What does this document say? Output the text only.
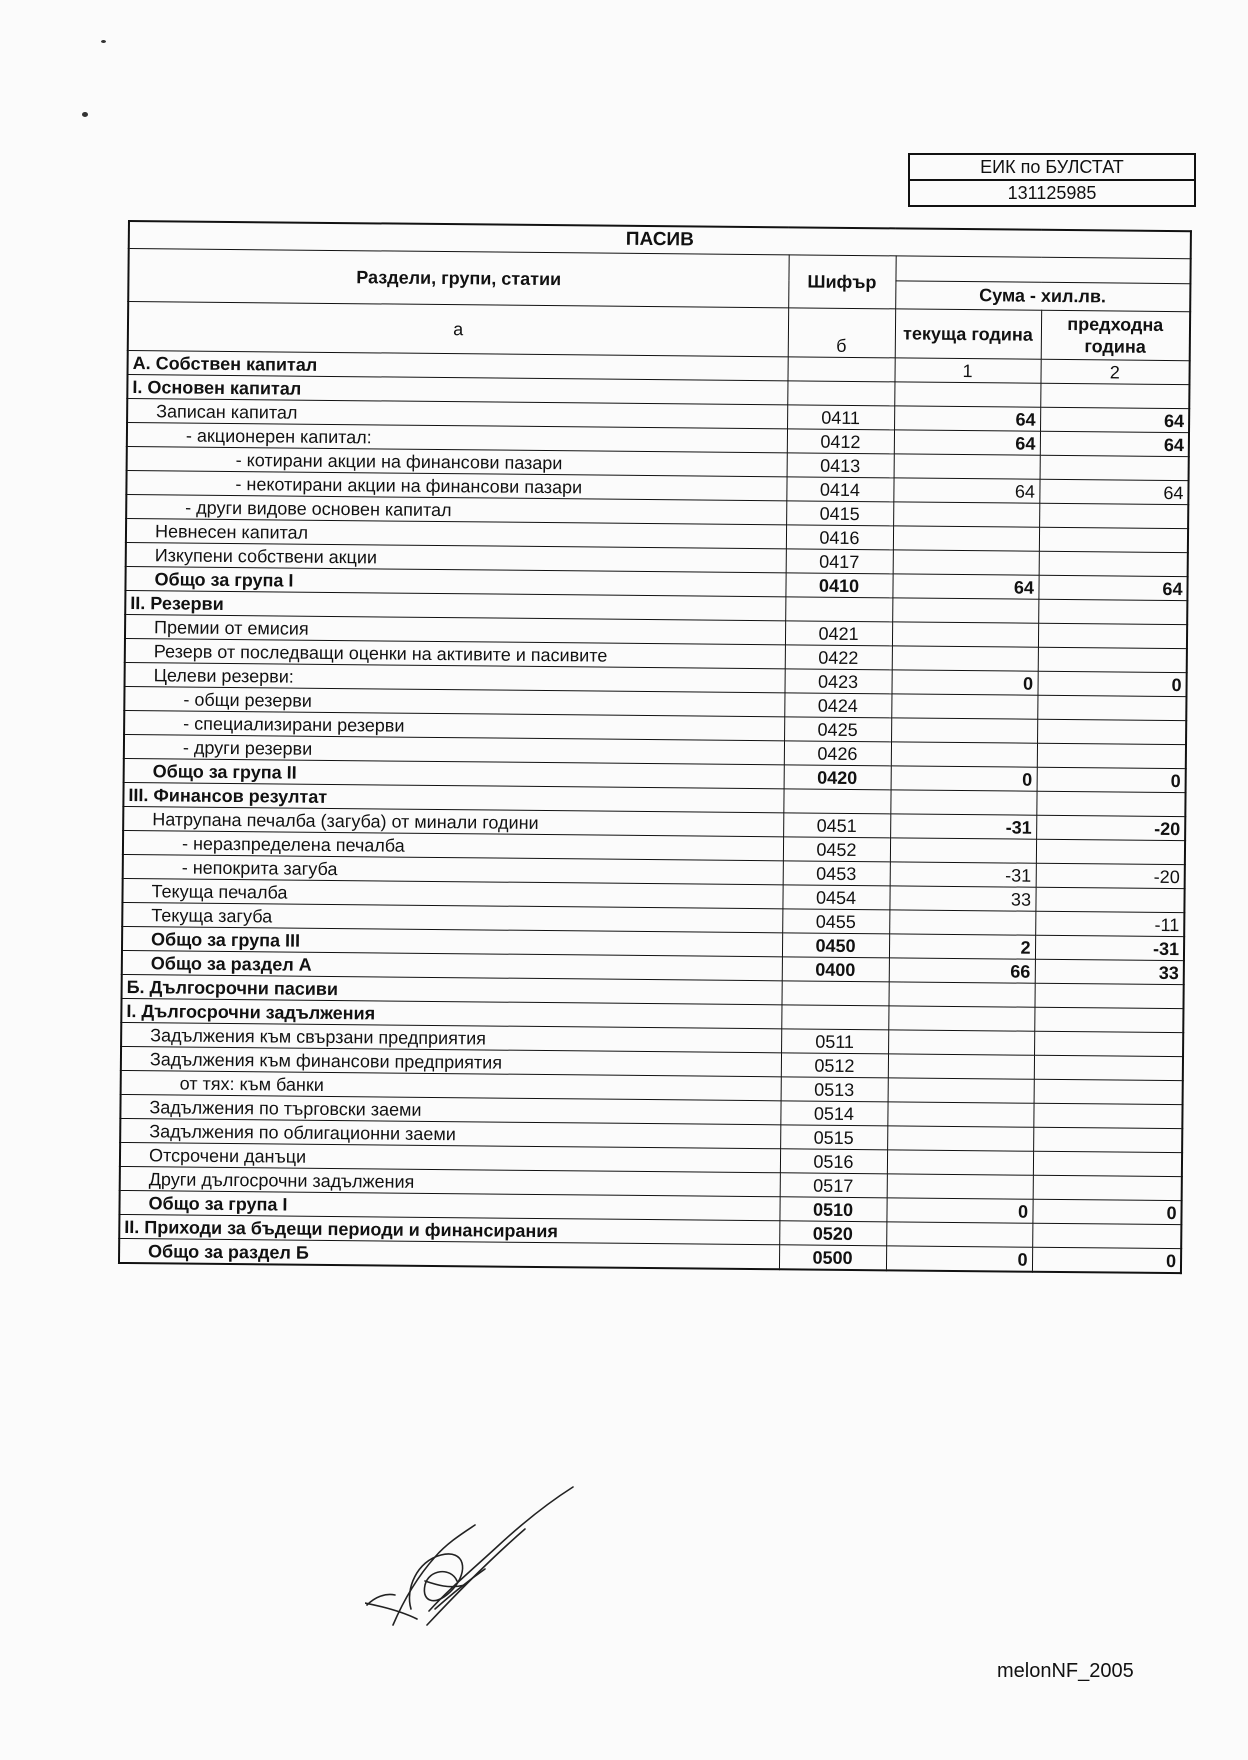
ЕИК по БУЛСТАТ
131125985
ПАСИВ			
Раздели, групи, статии	Шифър		
		Сума - хил.лв.	
а	б	текуща година	предходна година
А. Собствен капитал		1	2
I. Основен капитал			
Записан капитал	0411	64	64
- акционерен капитал:	0412	64	64
- котирани акции на финансови пазари	0413		
- некотирани акции на финансови пазари	0414	64	64
- други видове основен капитал	0415		
Невнесен капитал	0416		
Изкупени собствени акции	0417		
Общо за група I	0410	64	64
II. Резерви			
Премии от емисия	0421		
Резерв от последващи оценки на активите и пасивите	0422		
Целеви резерви:	0423	0	0
- общи резерви	0424		
- специализирани резерви	0425		
- други резерви	0426		
Общо за група II	0420	0	0
III. Финансов резултат			
Натрупана печалба (загуба) от минали години	0451	-31	-20
- неразпределена печалба	0452		
- непокрита загуба	0453	-31	-20
Текуща печалба	0454	33	
Текуща загуба	0455		-11
Общо за група III	0450	2	-31
Общо за раздел А	0400	66	33
Б. Дългосрочни пасиви			
I. Дългосрочни задължения			
Задължения към свързани предприятия	0511		
Задължения към финансови предприятия	0512		
от тях: към банки	0513		
Задължения по търговски заеми	0514		
Задължения по облигационни заеми	0515		
Отсрочени данъци	0516		
Други дългосрочни задължения	0517		
Общо за група I	0510	0	0
II. Приходи за бъдещи периоди и финансирания	0520		
Общо за раздел Б	0500	0	0
melonNF_2005
